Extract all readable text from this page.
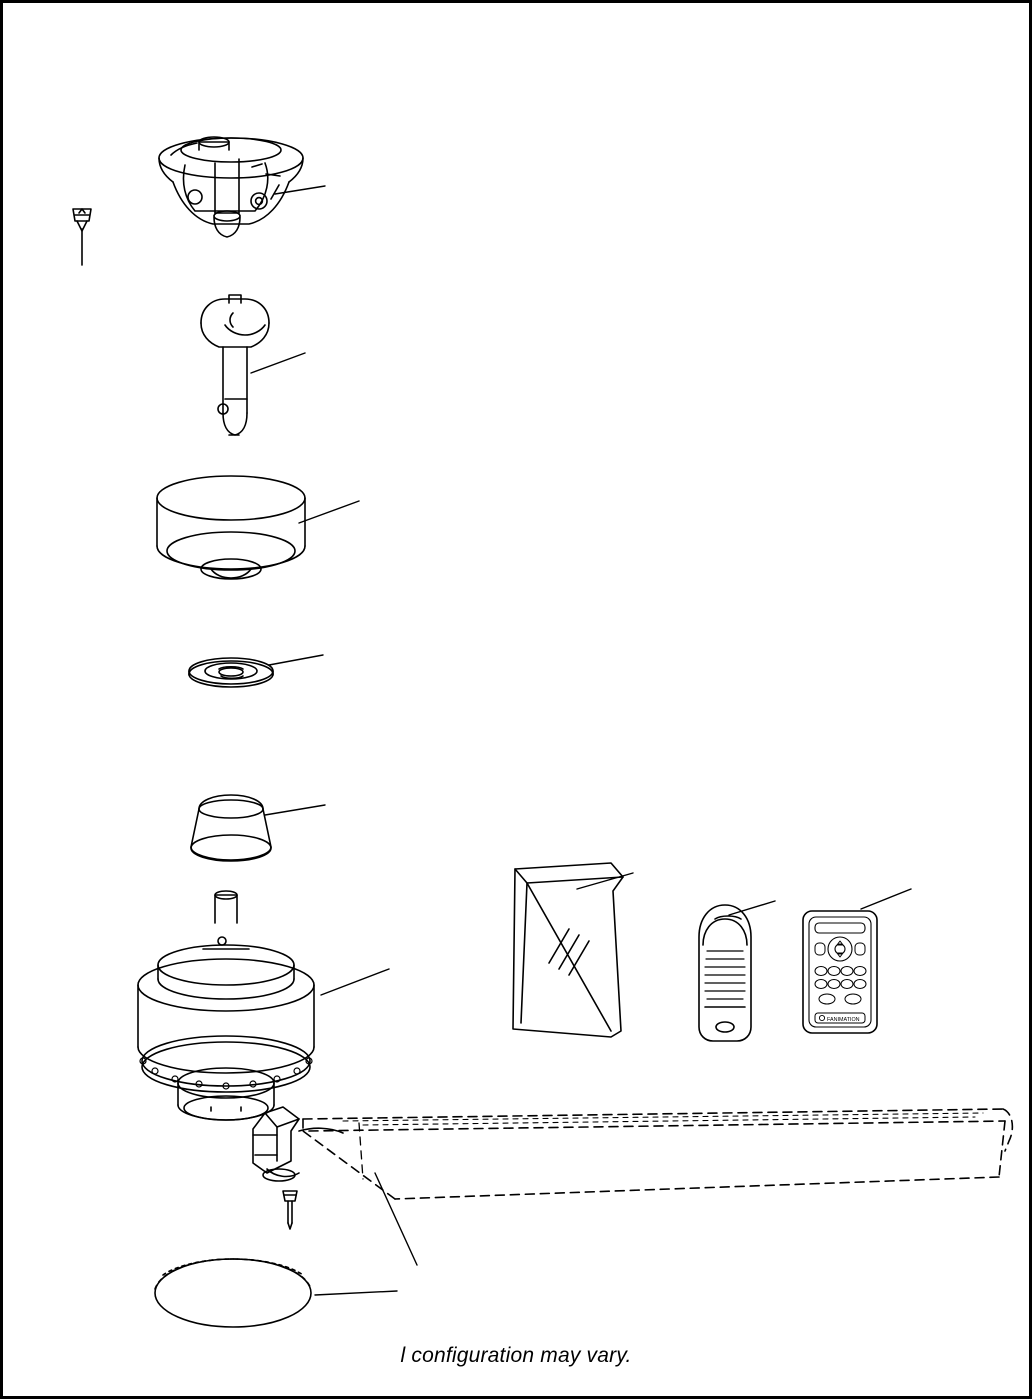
FANIMATION
l configuration may vary.
